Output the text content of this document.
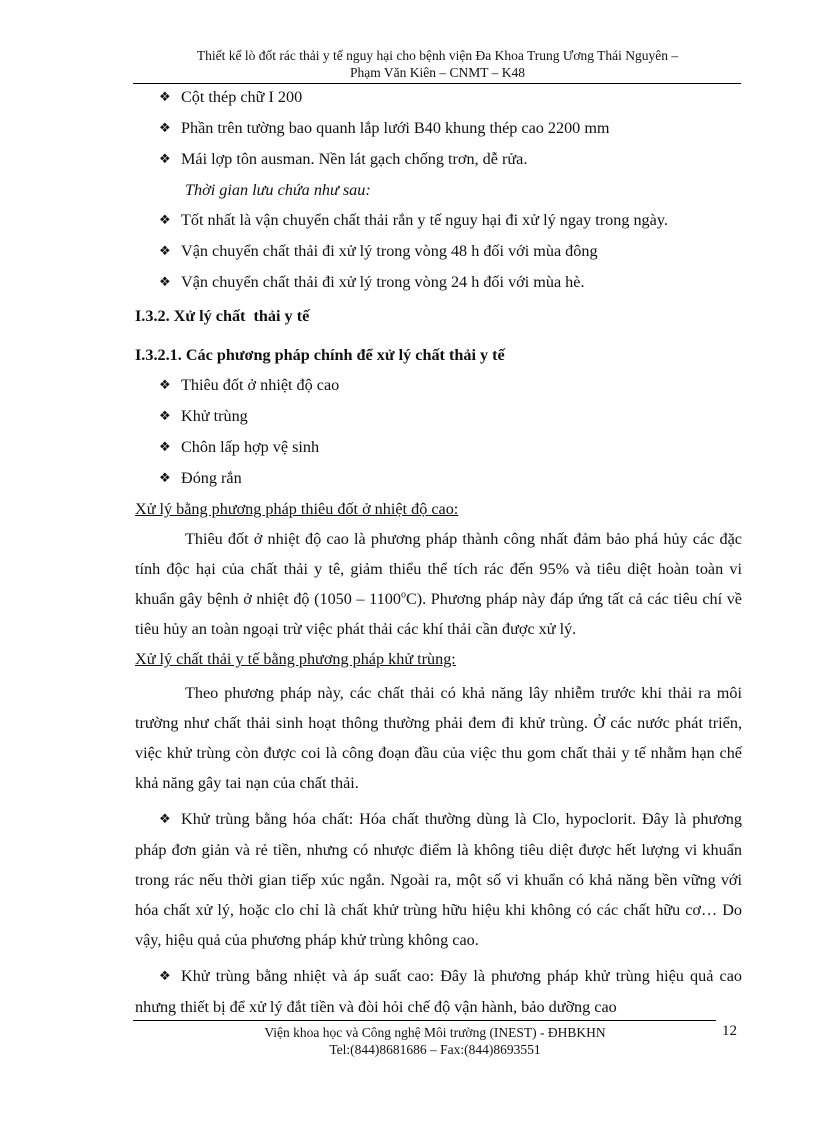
Thiết kế lò đốt rác thải y tế nguy hại cho bệnh viện Đa Khoa Trung Ương Thái Nguyên –
Phạm Văn Kiên – CNMT – K48
❖ Cột thép chữ I 200
❖ Phần trên tường bao quanh lắp lưới B40 khung thép cao 2200 mm
❖ Mái lợp tôn ausman. Nền lát gạch chống trơn, dễ rửa.
Thời gian lưu chứa như sau:
❖ Tốt nhất là vận chuyển chất thải rắn y tế nguy hại đi xử lý ngay trong ngày.
❖ Vận chuyển chất thải đi xử lý trong vòng 48 h đối với mùa đông
❖ Vận chuyển chất thải đi xử lý trong vòng 24 h đối với mùa hè.
I.3.2. Xử lý chất  thải y tế
I.3.2.1. Các phương pháp chính để xử lý chất thải y tế
❖ Thiêu đốt ở nhiệt độ cao
❖ Khử trùng
❖ Chôn lấp hợp vệ sinh
❖ Đóng rắn
Xử lý bằng phương pháp thiêu đốt ở nhiệt độ cao:
Thiêu đốt ở nhiệt độ cao là phương pháp thành công nhất đảm bảo phá hủy các đặc tính độc hại của chất thải y tê, giảm thiểu thể tích rác đến 95% và tiêu diệt hoàn toàn vi khuẩn gây bệnh ở nhiệt độ (1050 – 1100$^o$C). Phương pháp này đáp ứng tất cả các tiêu chí về tiêu hủy an toàn ngoại trừ việc phát thải các khí thải cần được xử lý.
Xử lý chất thải y tế bằng phương pháp khử trùng:
Theo phương pháp này, các chất thải có khả năng lây nhiễm trước khi thải ra môi trường như chất thải sinh hoạt thông thường phải đem đi khử trùng. Ở các nước phát triển, việc khử trùng còn được coi là công đoạn đầu của việc thu gom chất thải y tế nhằm hạn chế khả năng gây tai nạn của chất thải.
❖ Khử trùng bằng hóa chất: Hóa chất thường dùng là Clo, hypoclorit. Đây là phương pháp đơn giản và rẻ tiền, nhưng có nhược điểm là không tiêu diệt được hết lượng vi khuẩn trong rác nếu thời gian tiếp xúc ngắn. Ngoài ra, một số vi khuẩn có khả năng bền vững với hóa chất xử lý, hoặc clo chỉ là chất khử trùng hữu hiệu khi không có các chất hữu cơ… Do vậy, hiệu quả của phương pháp khử trùng không cao.
❖ Khử trùng bằng nhiệt và áp suất cao: Đây là phương pháp khử trùng hiệu quả cao nhưng thiết bị để xử lý đắt tiền và đòi hỏi chế độ vận hành, bảo dưỡng cao
Viện khoa học và Công nghệ Môi trường (INEST) - ĐHBKHN
Tel:(844)8681686 – Fax:(844)8693551
12
